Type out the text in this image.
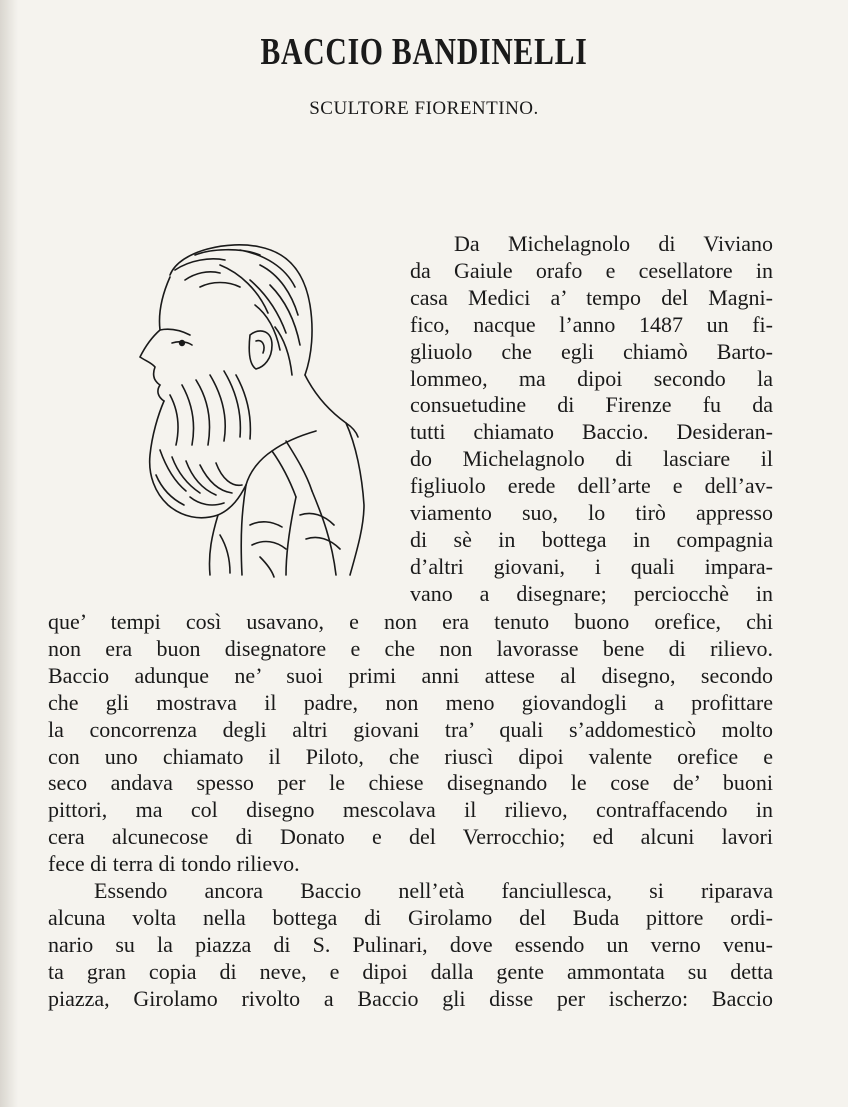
BACCIO BANDINELLI
SCULTORE FIORENTINO.
Da Michelagnolo di Viviano
da Gaiule orafo e cesellatore in
casa Medici a’ tempo del Magni-
fico, nacque l’anno 1487 un fi-
gliuolo che egli chiamò Barto-
lommeo, ma dipoi secondo la
consuetudine di Firenze fu da
tutti chiamato Baccio. Desideran-
do Michelagnolo di lasciare il
figliuolo erede dell’arte e dell’av-
viamento suo, lo tirò appresso
di sè in bottega in compagnia
d’altri giovani, i quali impara-
vano a disegnare; perciocchè in
que’ tempi così usavano, e non era tenuto buono orefice, chi
non era buon disegnatore e che non lavorasse bene di rilievo.
Baccio adunque ne’ suoi primi anni attese al disegno, secondo
che gli mostrava il padre, non meno giovandogli a profittare
la concorrenza degli altri giovani tra’ quali s’addomesticò molto
con uno chiamato il Piloto, che riuscì dipoi valente orefice e
seco andava spesso per le chiese disegnando le cose de’ buoni
pittori, ma col disegno mescolava il rilievo, contraffacendo in
cera alcunecose di Donato e del Verrocchio; ed alcuni lavori
fece di terra di tondo rilievo.
Essendo ancora Baccio nell’età fanciullesca, si riparava
alcuna volta nella bottega di Girolamo del Buda pittore ordi-
nario su la piazza di S. Pulinari, dove essendo un verno venu-
ta gran copia di neve, e dipoi dalla gente ammontata su detta
piazza, Girolamo rivolto a Baccio gli disse per ischerzo: Baccio
